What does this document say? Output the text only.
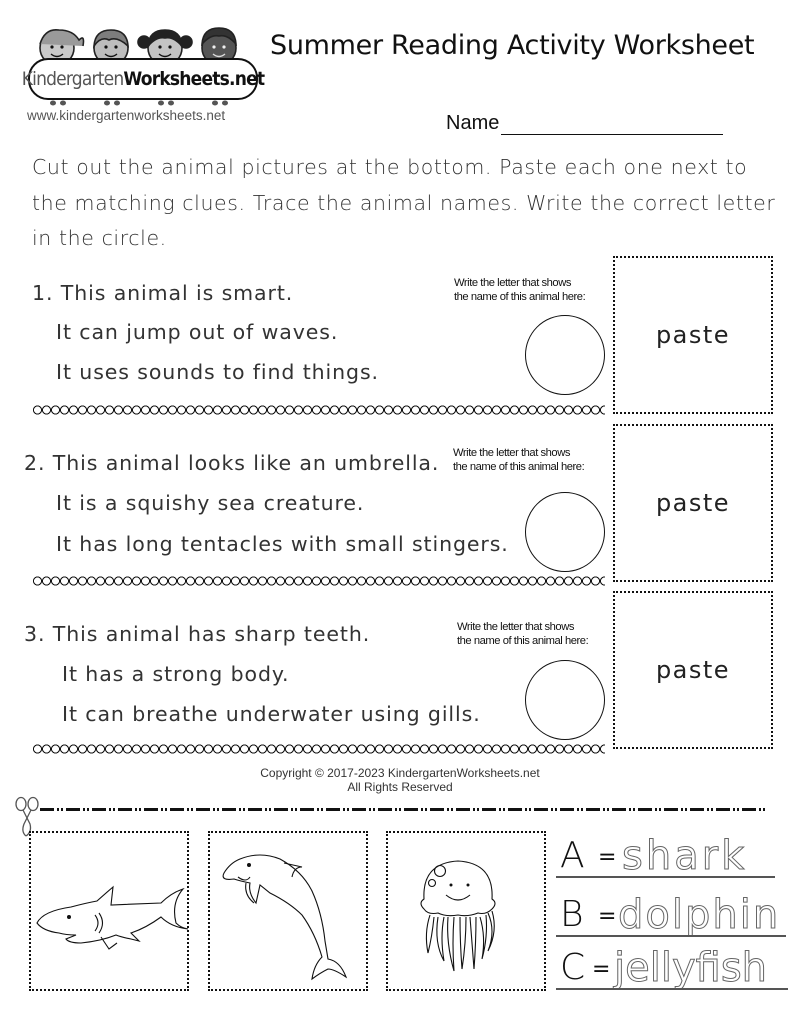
Kindergarten Worksheets.net
www.kindergartenworksheets.net
Summer Reading Activity Worksheet
Name
Cut out the animal pictures at the bottom. Paste each one next to the matching clues. Trace the animal names. Write the correct letter in the circle.
1. This animal is smart.
It can jump out of waves.
It uses sounds to find things.
Write the letter that shows
the name of this animal here:
paste
2. This animal looks like an umbrella.
It is a squishy sea creature.
It has long tentacles with small stingers.
Write the letter that shows
the name of this animal here:
paste
3. This animal has sharp teeth.
It has a strong body.
It can breathe underwater using gills.
Write the letter that shows
the name of this animal here:
paste
Copyright © 2017-2023 KindergartenWorksheets.net
All Rights Reserved
A = shark
B = dolphin
C = jellyfish
